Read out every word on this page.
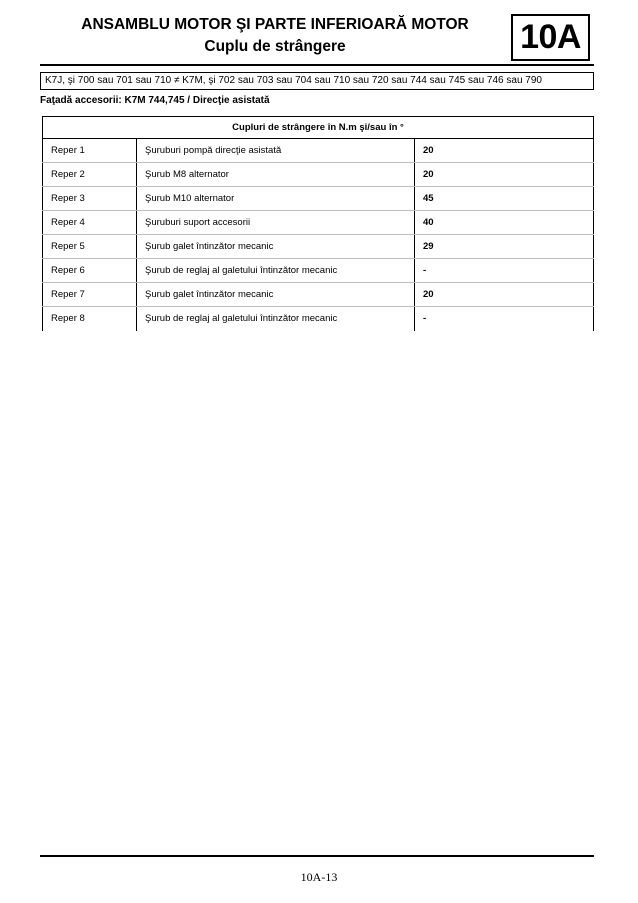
ANSAMBLU MOTOR ŞI PARTE INFERIOARĂ MOTOR
Cuplu de strângere	10A
K7J, şi 700 sau 701 sau 710 ≠ K7M, şi 702 sau 703 sau 704 sau 710 sau 720 sau 744 sau 745 sau 746 sau 790
Faţadă accesorii: K7M 744,745 / Direcţie asistată
Cupluri de strângere în N.m şi/sau în °		
Reper 1	Şuruburi pompă direcţie asistată	20
Reper 2	Şurub M8 alternator	20
Reper 3	Şurub M10 alternator	45
Reper 4	Şuruburi suport accesorii	40
Reper 5	Şurub galet întinzător mecanic	29
Reper 6	Şurub de reglaj al galetului întinzător mecanic	-
Reper 7	Şurub galet întinzător mecanic	20
Reper 8	Şurub de reglaj al galetului întinzător mecanic	-
10A-13
